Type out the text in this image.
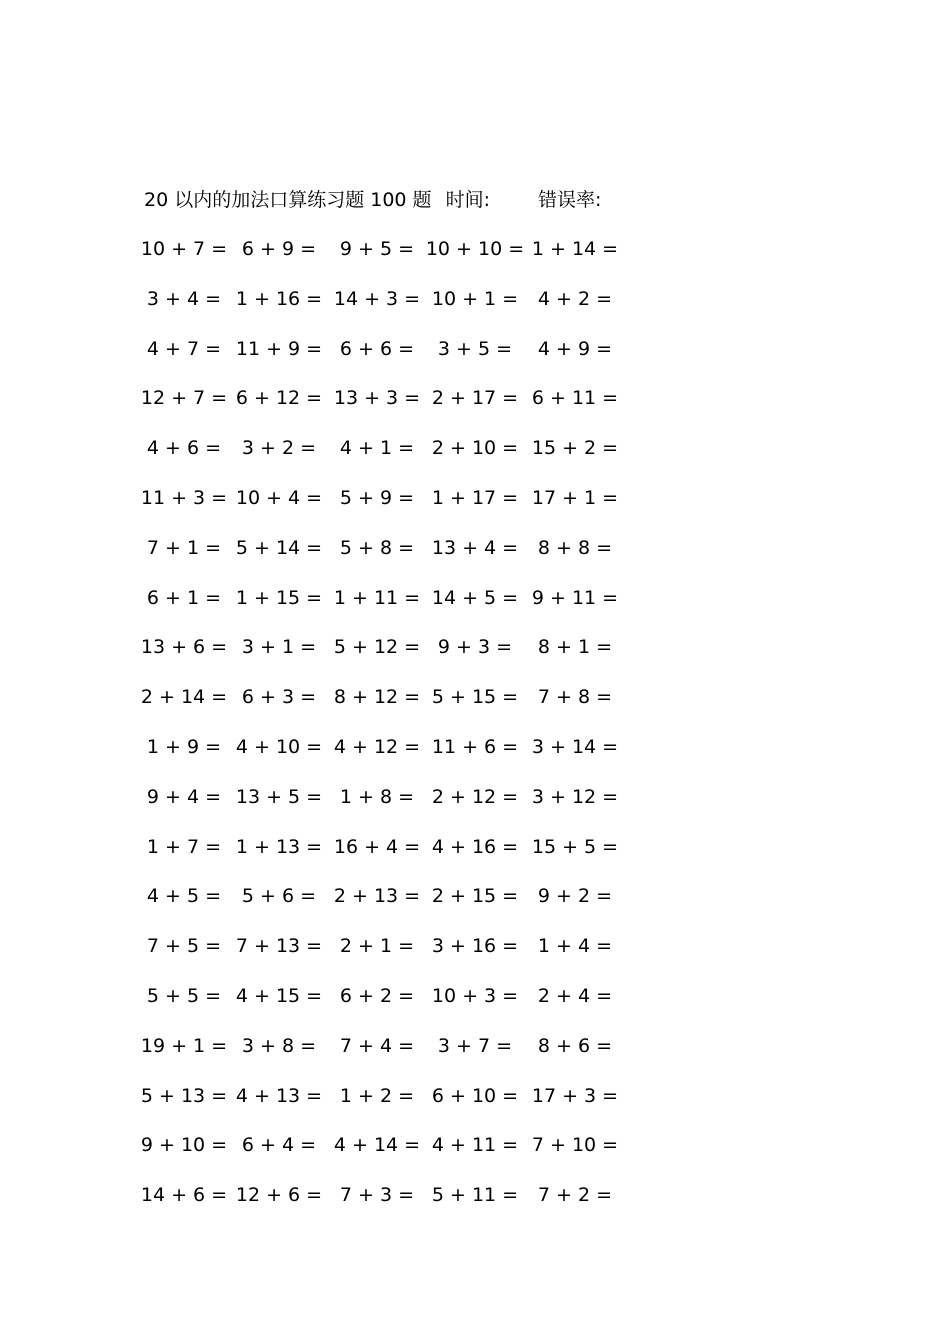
20 以内的加法口算练习题 100 题 时间:	错误率:
10 + 7 = 6 + 9 =	9 + 5 = 10 + 10 = 1 + 14 =
3 + 4 = 1 + 16 = 14 + 3 = 10 + 1 =	4 + 2 =
4 + 7 = 11 + 9 = 6 + 6 =	3 + 5 =	4 + 9 =
12 + 7 = 6 + 12 = 13 + 3 = 2 + 17 = 6 + 11 =
4 + 6 =	3 + 2 =	4 + 1 = 2 + 10 = 15 + 2 =
11 + 3 = 10 + 4 = 5 + 9 = 1 + 17 = 17 + 1 =
7 + 1 = 5 + 14 = 5 + 8 = 13 + 4 =	8 + 8 =
6 + 1 = 1 + 15 = 1 + 11 = 14 + 5 = 9 + 11 =
13 + 6 = 3 + 1 = 5 + 12 = 9 + 3 =	8 + 1 =
2 + 14 = 6 + 3 = 8 + 12 = 5 + 15 =	7 + 8 =
1 + 9 = 4 + 10 = 4 + 12 = 11 + 6 = 3 + 14 =
9 + 4 = 13 + 5 = 1 + 8 = 2 + 12 = 3 + 12 =
1 + 7 = 1 + 13 = 16 + 4 = 4 + 16 = 15 + 5 =
4 + 5 =	5 + 6 = 2 + 13 = 2 + 15 =	9 + 2 =
7 + 5 = 7 + 13 = 2 + 1 = 3 + 16 =	1 + 4 =
5 + 5 = 4 + 15 = 6 + 2 = 10 + 3 =	2 + 4 =
19 + 1 = 3 + 8 =	7 + 4 =	3 + 7 =	8 + 6 =
5 + 13 = 4 + 13 = 1 + 2 = 6 + 10 = 17 + 3 =
9 + 10 = 6 + 4 = 4 + 14 = 4 + 11 = 7 + 10 =
14 + 6 = 12 + 6 = 7 + 3 = 5 + 11 =	7 + 2 =
